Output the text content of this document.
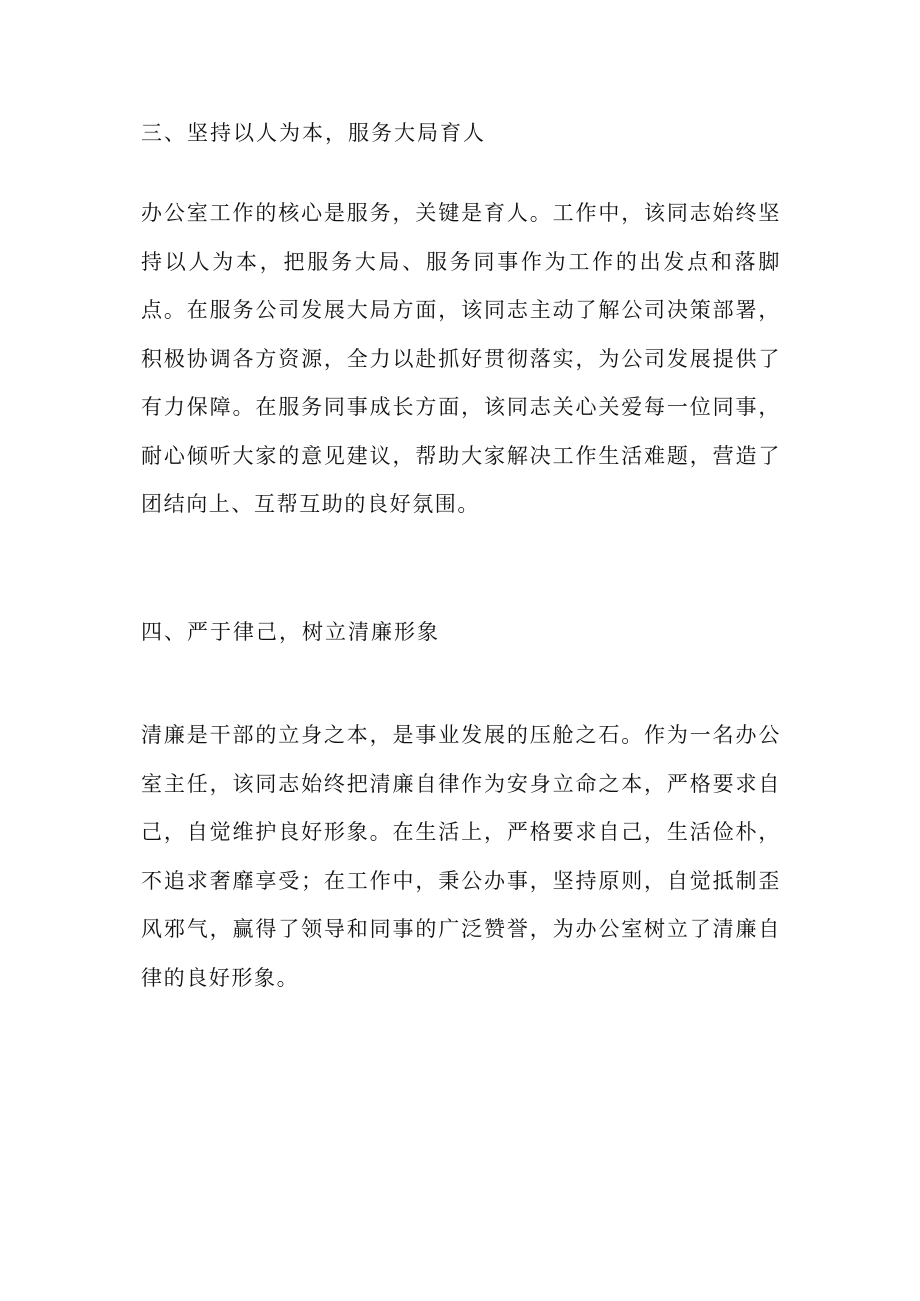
三、坚持以人为本，服务大局育人

办公室工作的核心是服务，关键是育人。工作中，该同志始终坚持以人为本，把服务大局、服务同事作为工作的出发点和落脚点。在服务公司发展大局方面，该同志主动了解公司决策部署，积极协调各方资源，全力以赴抓好贯彻落实，为公司发展提供了有力保障。在服务同事成长方面，该同志关心关爱每一位同事，耐心倾听大家的意见建议，帮助大家解决工作生活难题，营造了团结向上、互帮互助的良好氛围。

四、严于律己，树立清廉形象

清廉是干部的立身之本，是事业发展的压舱之石。作为一名办公室主任，该同志始终把清廉自律作为安身立命之本，严格要求自己，自觉维护良好形象。在生活上，严格要求自己，生活俭朴，不追求奢靡享受；在工作中，秉公办事，坚持原则，自觉抵制歪风邪气，赢得了领导和同事的广泛赞誉，为办公室树立了清廉自律的良好形象。
